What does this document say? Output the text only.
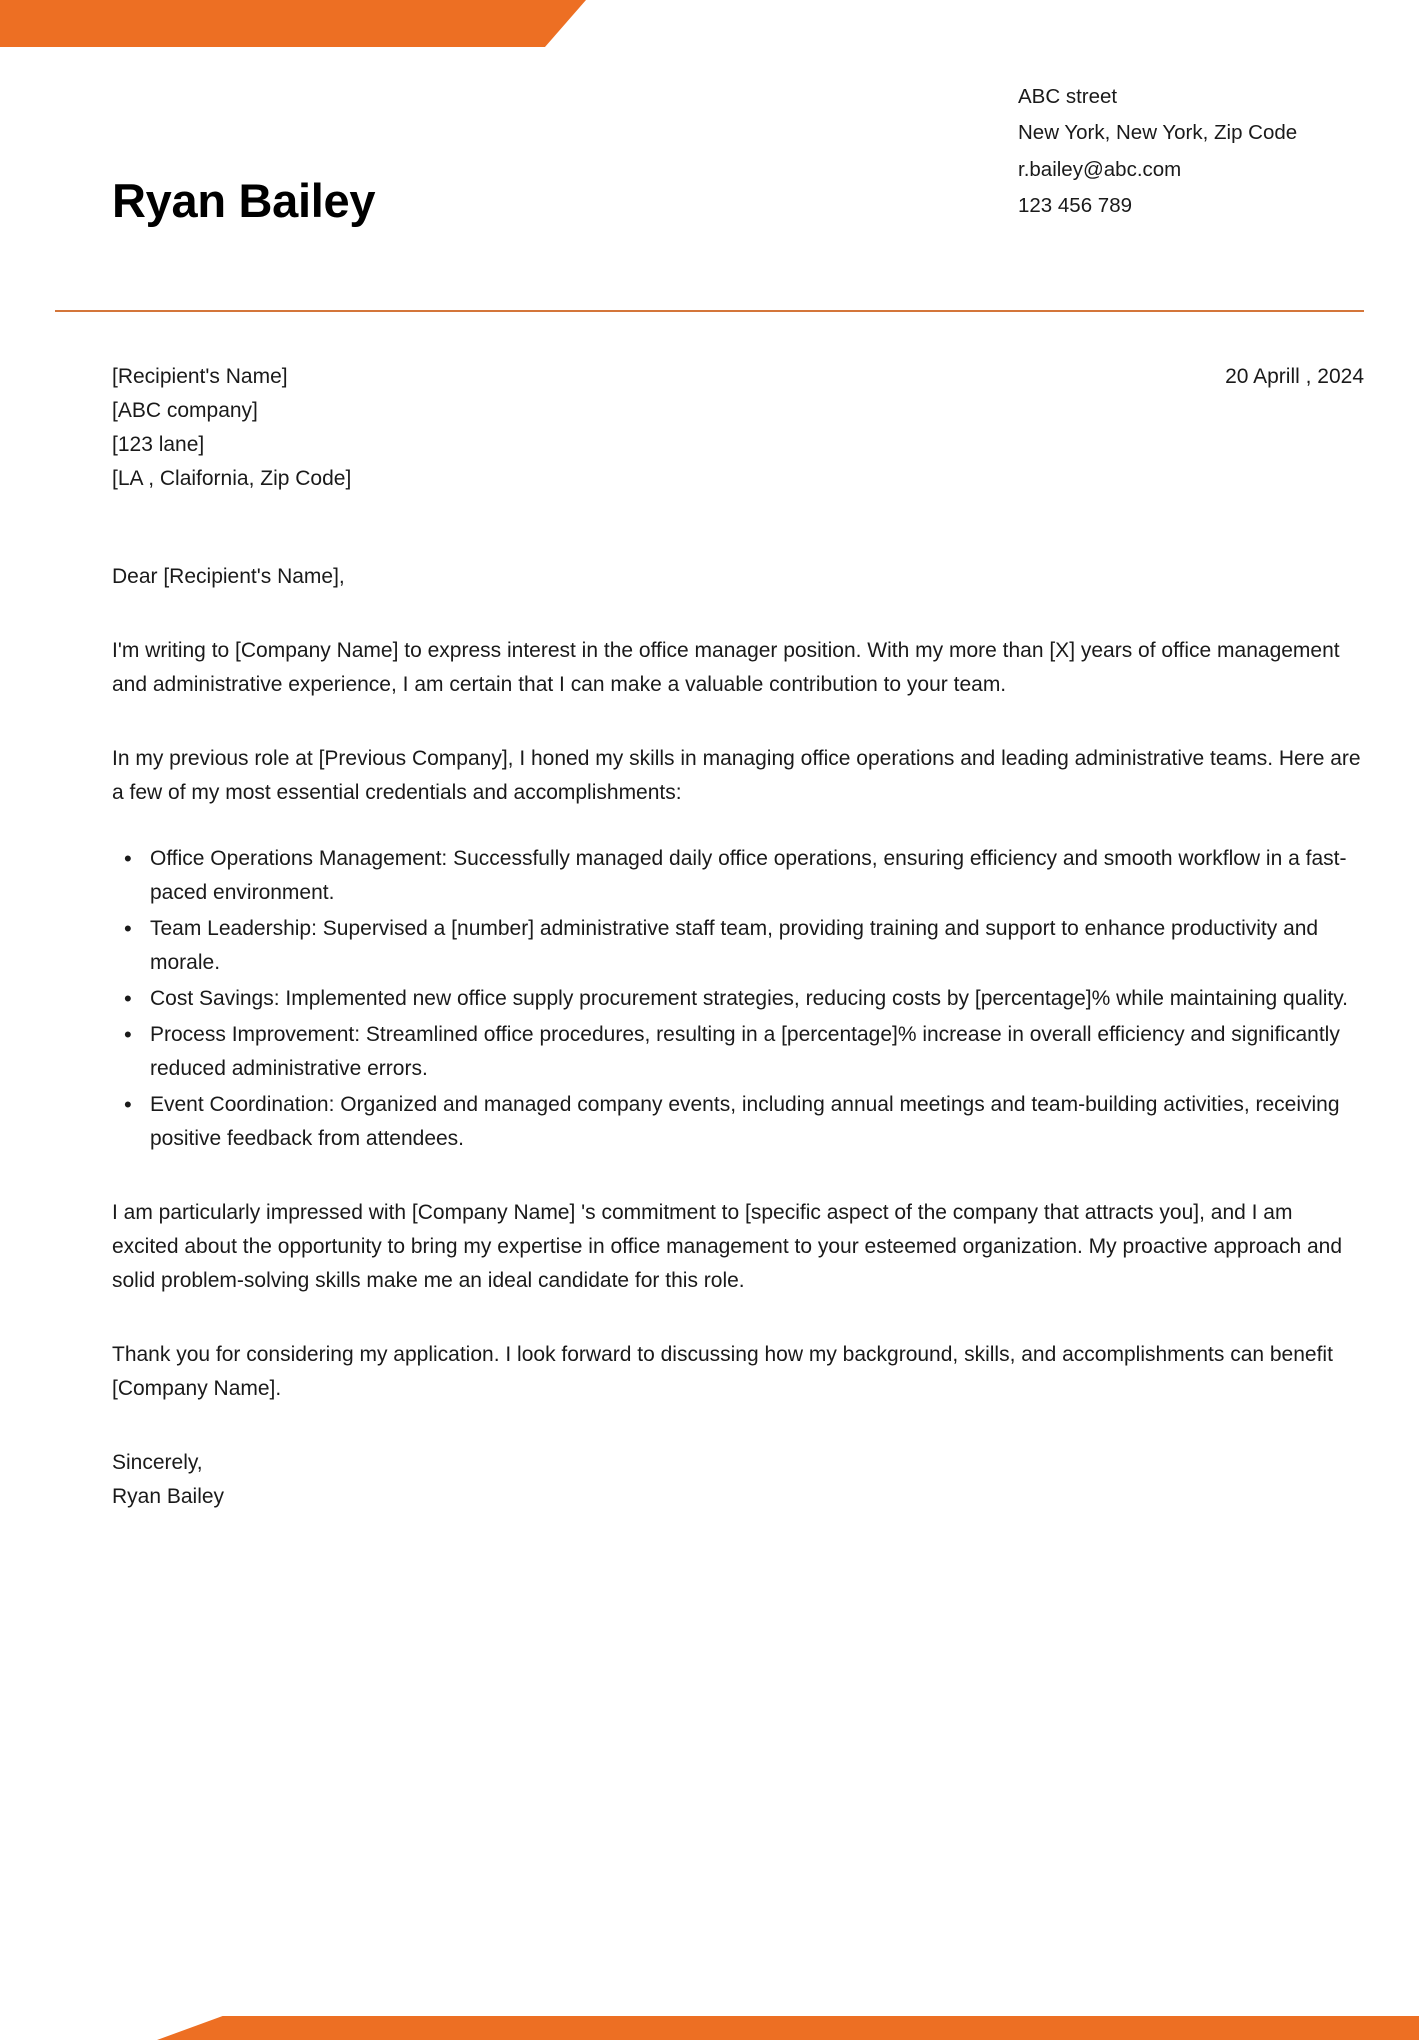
Ryan Bailey
ABC street
New York, New York, Zip Code
r.bailey@abc.com
123 456 789
[Recipient's Name]
[ABC company]
[123 lane]
[LA , Claifornia, Zip Code]
20 Aprill , 2024
Dear [Recipient's Name],

I'm writing to [Company Name] to express interest in the office manager position. With my more than [X] years of office management and administrative experience, I am certain that I can make a valuable contribution to your team.

In my previous role at [Previous Company], I honed my skills in managing office operations and leading administrative teams. Here are a few of my most essential credentials and accomplishments:

• Office Operations Management: Successfully managed daily office operations, ensuring efficiency and smooth workflow in a fast-paced environment.
• Team Leadership: Supervised a [number] administrative staff team, providing training and support to enhance productivity and morale.
• Cost Savings: Implemented new office supply procurement strategies, reducing costs by [percentage]% while maintaining quality.
• Process Improvement: Streamlined office procedures, resulting in a [percentage]% increase in overall efficiency and significantly reduced administrative errors.
• Event Coordination: Organized and managed company events, including annual meetings and team-building activities, receiving positive feedback from attendees.

I am particularly impressed with [Company Name] 's commitment to [specific aspect of the company that attracts you], and I am excited about the opportunity to bring my expertise in office management to your esteemed organization. My proactive approach and solid problem-solving skills make me an ideal candidate for this role.

Thank you for considering my application. I look forward to discussing how my background, skills, and accomplishments can benefit [Company Name].

Sincerely,
Ryan Bailey
